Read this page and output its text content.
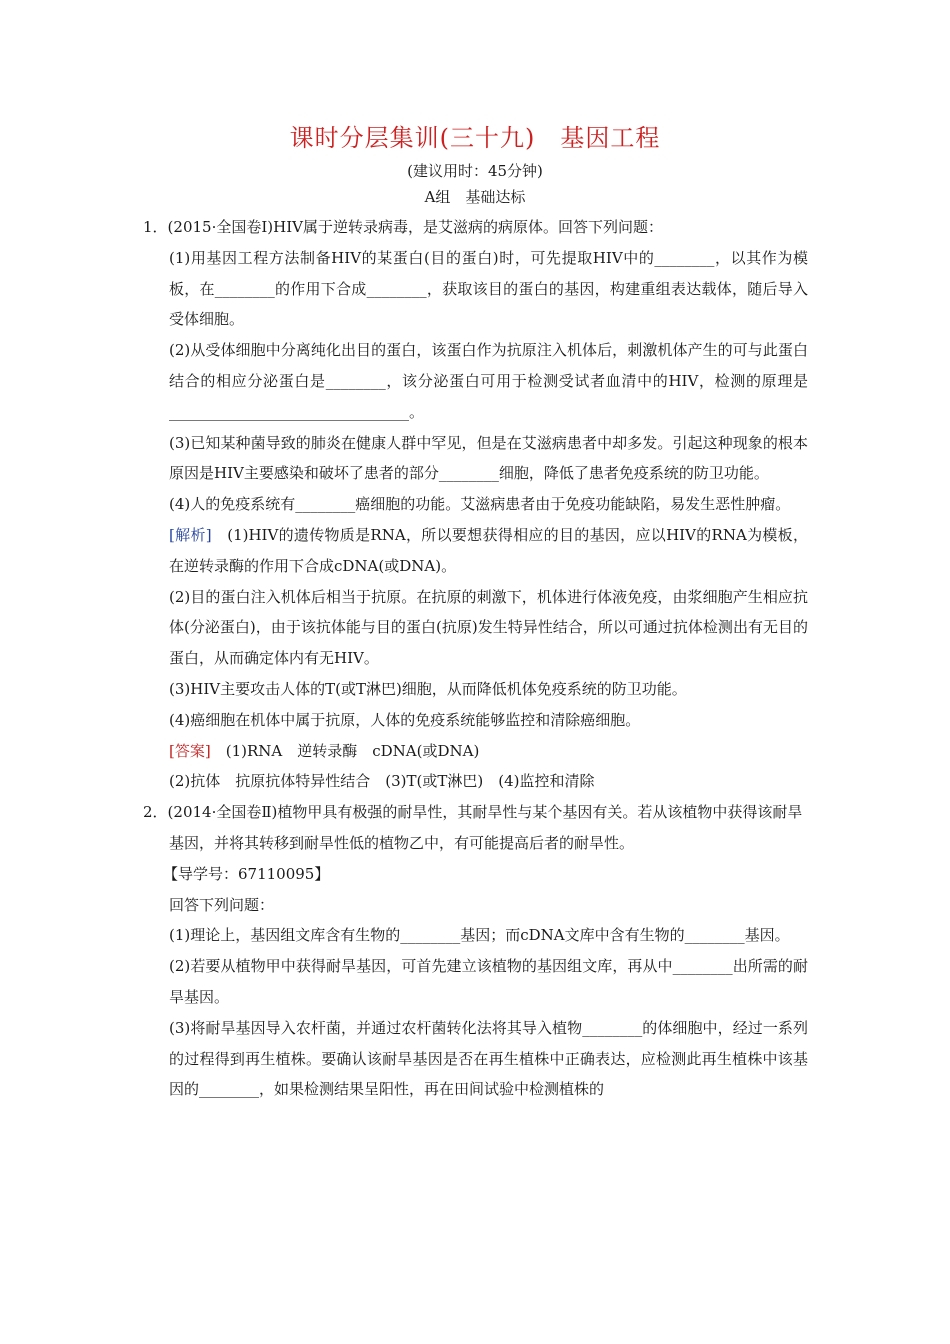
课时分层集训(三十九)　基因工程
(建议用时：45分钟)
A组　基础达标

1．(2015·全国卷Ⅰ)HIV属于逆转录病毒，是艾滋病的病原体。回答下列问题：

(1)用基因工程方法制备HIV的某蛋白(目的蛋白)时，可先提取HIV中的________，以其作为模板，在________的作用下合成________，获取该目的蛋白的基因，构建重组表达载体，随后导入受体细胞。

(2)从受体细胞中分离纯化出目的蛋白，该蛋白作为抗原注入机体后，刺激机体产生的可与此蛋白结合的相应分泌蛋白是________，该分泌蛋白可用于检测受试者血清中的HIV，检测的原理是________________________________。

(3)已知某种菌导致的肺炎在健康人群中罕见，但是在艾滋病患者中却多发。引起这种现象的根本原因是HIV主要感染和破坏了患者的部分________细胞，降低了患者免疫系统的防卫功能。

(4)人的免疫系统有________癌细胞的功能。艾滋病患者由于免疫功能缺陷，易发生恶性肿瘤。

[解析]　(1)HIV的遗传物质是RNA，所以要想获得相应的目的基因，应以HIV的RNA为模板，在逆转录酶的作用下合成cDNA(或DNA)。

(2)目的蛋白注入机体后相当于抗原。在抗原的刺激下，机体进行体液免疫，由浆细胞产生相应抗体(分泌蛋白)，由于该抗体能与目的蛋白(抗原)发生特异性结合，所以可通过抗体检测出有无目的蛋白，从而确定体内有无HIV。

(3)HIV主要攻击人体的T(或T淋巴)细胞，从而降低机体免疫系统的防卫功能。

(4)癌细胞在机体中属于抗原，人体的免疫系统能够监控和清除癌细胞。

[答案]　(1)RNA　逆转录酶　cDNA(或DNA)

(2)抗体　抗原抗体特异性结合　(3)T(或T淋巴)　(4)监控和清除

2．(2014·全国卷Ⅱ)植物甲具有极强的耐旱性，其耐旱性与某个基因有关。若从该植物中获得该耐旱基因，并将其转移到耐旱性低的植物乙中，有可能提高后者的耐旱性。

【导学号：67110095】

回答下列问题：

(1)理论上，基因组文库含有生物的________基因；而cDNA文库中含有生物的________基因。

(2)若要从植物甲中获得耐旱基因，可首先建立该植物的基因组文库，再从中________出所需的耐旱基因。

(3)将耐旱基因导入农杆菌，并通过农杆菌转化法将其导入植物________的体细胞中，经过一系列的过程得到再生植株。要确认该耐旱基因是否在再生植株中正确表达，应检测此再生植株中该基因的________，如果检测结果呈阳性，再在田间试验中检测植株的
